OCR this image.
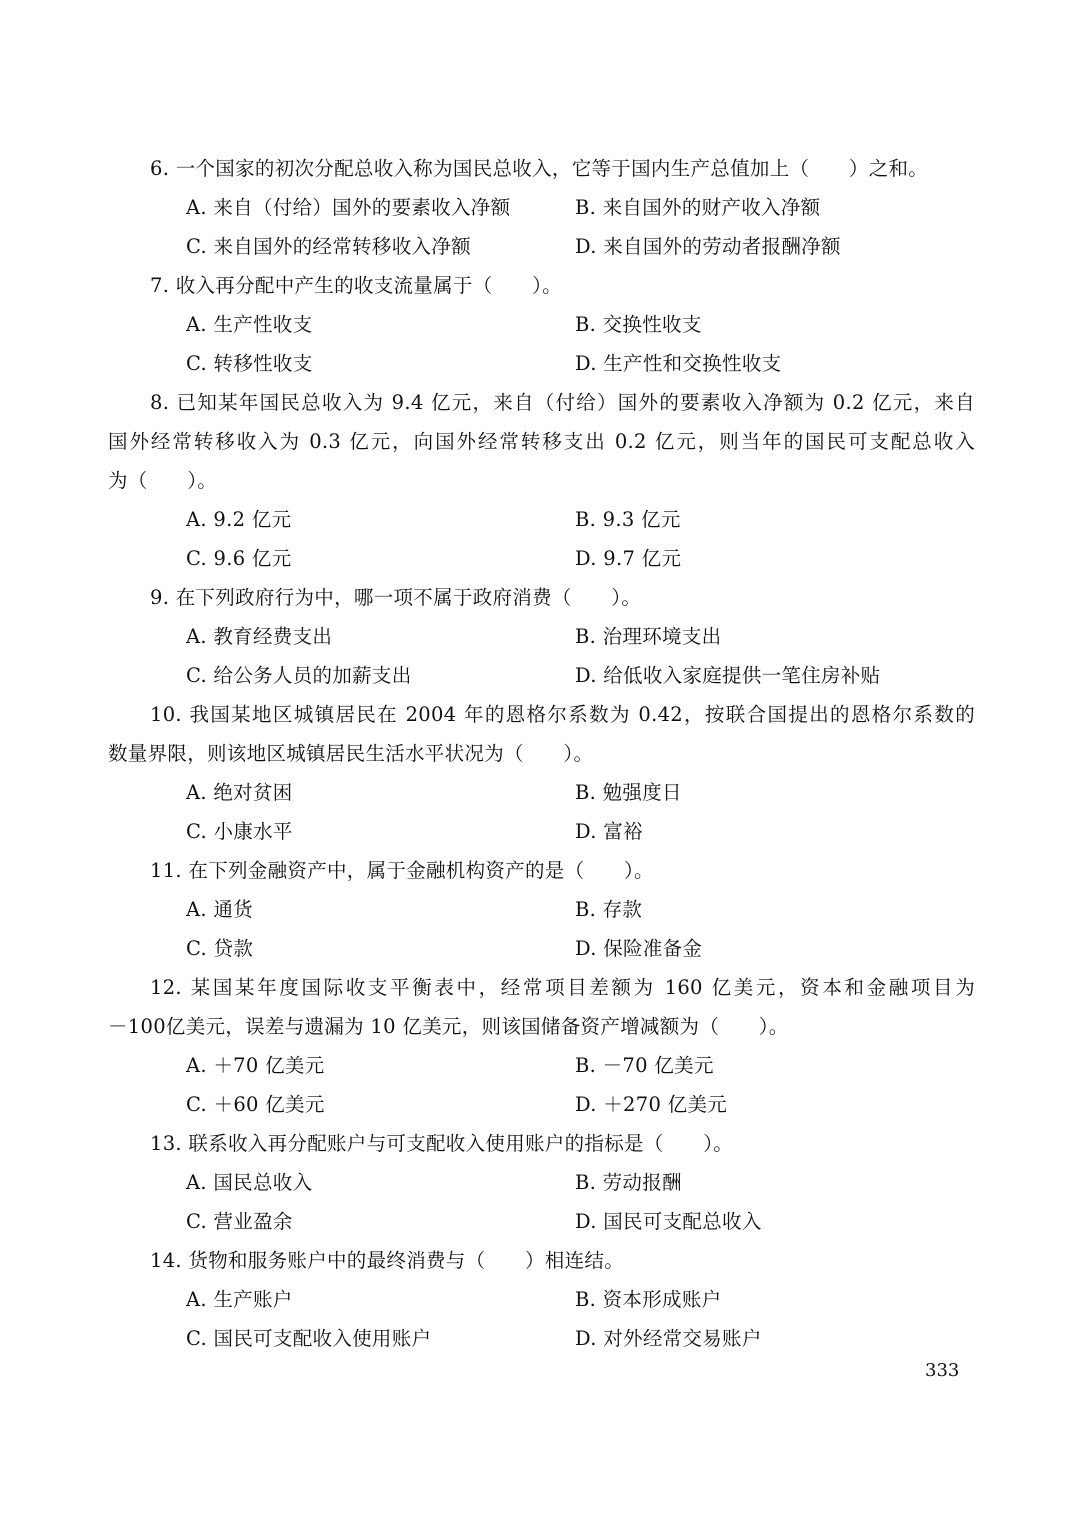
6. 一个国家的初次分配总收入称为国民总收入，它等于国内生产总值加上（　　）之和。
A. 来自（付给）国外的要素收入净额	B. 来自国外的财产收入净额
C. 来自国外的经常转移收入净额	D. 来自国外的劳动者报酬净额
7. 收入再分配中产生的收支流量属于（　　）。
A. 生产性收支	B. 交换性收支
C. 转移性收支	D. 生产性和交换性收支
8. 已知某年国民总收入为 9.4 亿元，来自（付给）国外的要素收入净额为 0.2 亿元，来自
国外经常转移收入为 0.3 亿元，向国外经常转移支出 0.2 亿元，则当年的国民可支配总收入
为（　　）。
A. 9.2 亿元	B. 9.3 亿元
C. 9.6 亿元	D. 9.7 亿元
9. 在下列政府行为中，哪一项不属于政府消费（　　）。
A. 教育经费支出	B. 治理环境支出
C. 给公务人员的加薪支出	D. 给低收入家庭提供一笔住房补贴
10. 我国某地区城镇居民在 2004 年的恩格尔系数为 0.42，按联合国提出的恩格尔系数的
数量界限，则该地区城镇居民生活水平状况为（　　）。
A. 绝对贫困	B. 勉强度日
C. 小康水平	D. 富裕
11. 在下列金融资产中，属于金融机构资产的是（　　）。
A. 通货	B. 存款
C. 贷款	D. 保险准备金
12. 某国某年度国际收支平衡表中，经常项目差额为 160 亿美元，资本和金融项目为
－100亿美元，误差与遗漏为 10 亿美元，则该国储备资产增减额为（　　）。
A. ＋70 亿美元	B. －70 亿美元
C. ＋60 亿美元	D. ＋270 亿美元
13. 联系收入再分配账户与可支配收入使用账户的指标是（　　）。
A. 国民总收入	B. 劳动报酬
C. 营业盈余	D. 国民可支配总收入
14. 货物和服务账户中的最终消费与（　　）相连结。
A. 生产账户	B. 资本形成账户
C. 国民可支配收入使用账户	D. 对外经常交易账户
333
